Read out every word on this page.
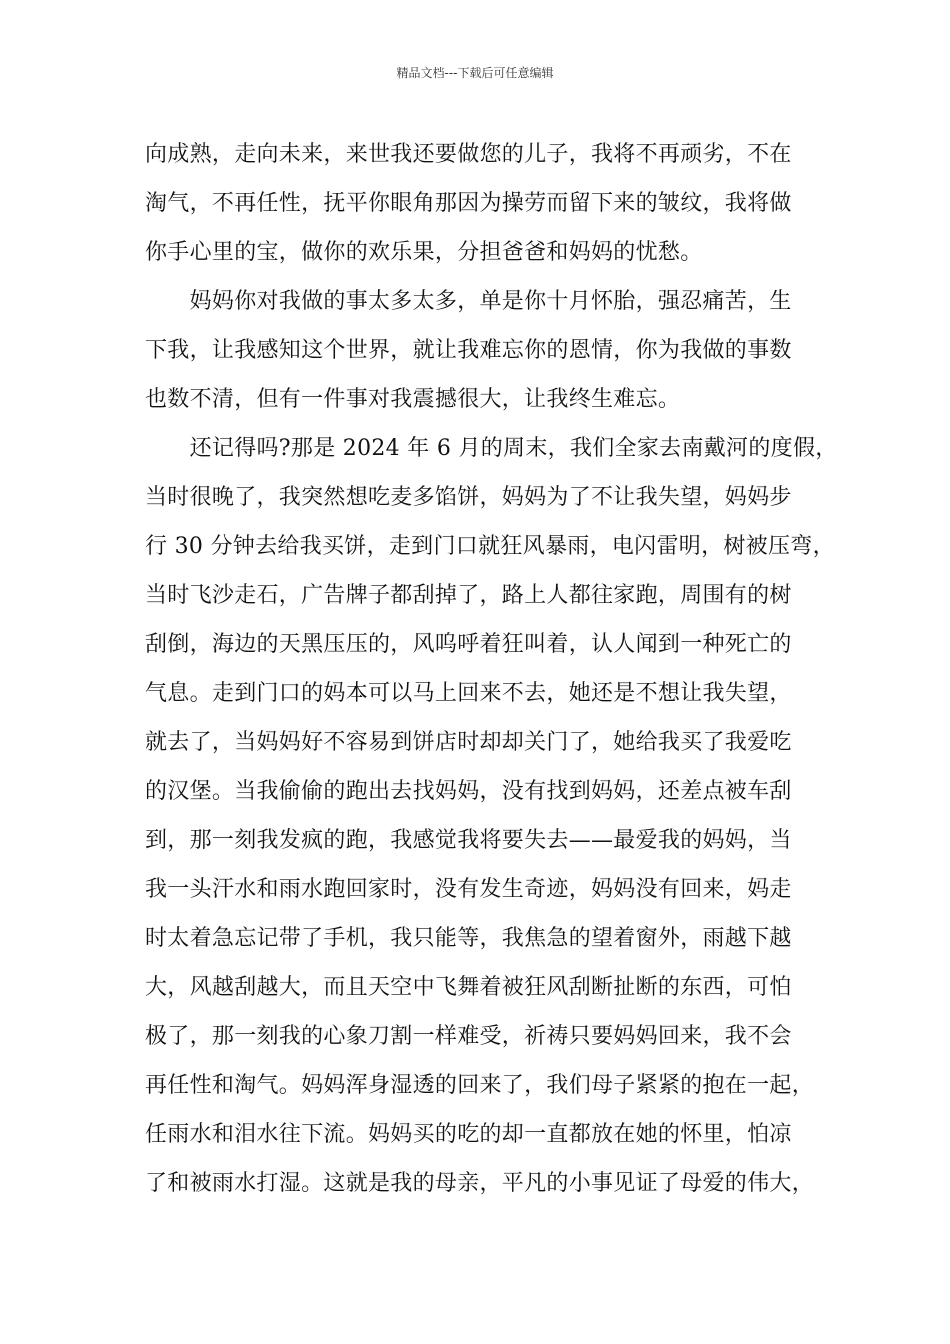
精品文档---下载后可任意编辑
向成熟，走向未来，来世我还要做您的儿子，我将不再顽劣，不在
淘气，不再任性，抚平你眼角那因为操劳而留下来的皱纹，我将做
你手心里的宝，做你的欢乐果，分担爸爸和妈妈的忧愁。
　　妈妈你对我做的事太多太多，单是你十月怀胎，强忍痛苦，生
下我，让我感知这个世界，就让我难忘你的恩情，你为我做的事数
也数不清，但有一件事对我震撼很大，让我终生难忘。
　　还记得吗?那是 2024 年 6 月的周末，我们全家去南戴河的度假，
当时很晚了，我突然想吃麦多馅饼，妈妈为了不让我失望，妈妈步
行 30 分钟去给我买饼，走到门口就狂风暴雨，电闪雷明，树被压弯，
当时飞沙走石，广告牌子都刮掉了，路上人都往家跑，周围有的树
刮倒，海边的天黑压压的，风呜呼着狂叫着，认人闻到一种死亡的
气息。走到门口的妈本可以马上回来不去，她还是不想让我失望，
就去了，当妈妈好不容易到饼店时却却关门了，她给我买了我爱吃
的汉堡。当我偷偷的跑出去找妈妈，没有找到妈妈，还差点被车刮
到，那一刻我发疯的跑，我感觉我将要失去——最爱我的妈妈，当
我一头汗水和雨水跑回家时，没有发生奇迹，妈妈没有回来，妈走
时太着急忘记带了手机，我只能等，我焦急的望着窗外，雨越下越
大，风越刮越大，而且天空中飞舞着被狂风刮断扯断的东西，可怕
极了，那一刻我的心象刀割一样难受，祈祷只要妈妈回来，我不会
再任性和淘气。妈妈浑身湿透的回来了，我们母子紧紧的抱在一起，
任雨水和泪水往下流。妈妈买的吃的却一直都放在她的怀里，怕凉
了和被雨水打湿。这就是我的母亲，平凡的小事见证了母爱的伟大，
